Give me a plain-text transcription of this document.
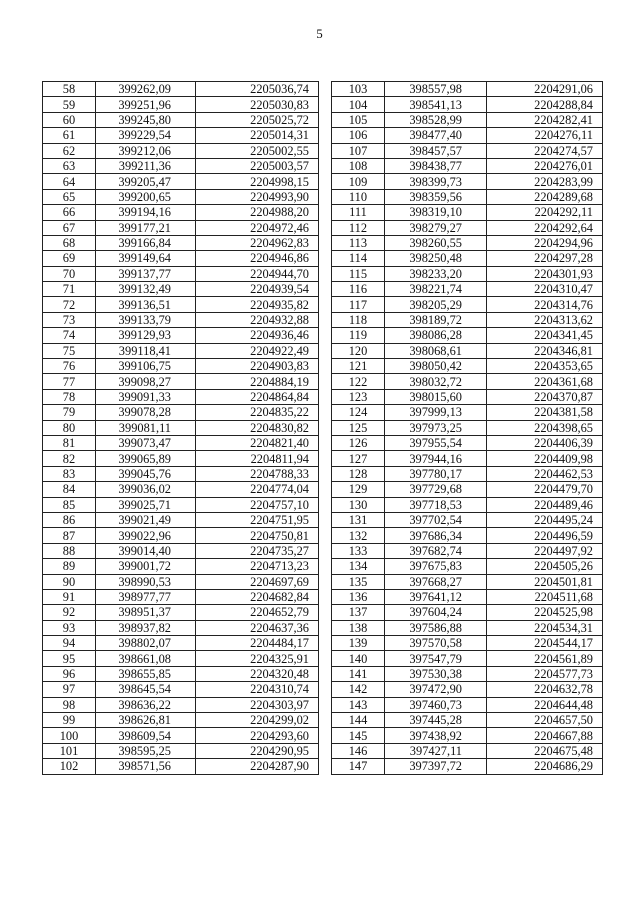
5
58	399262,09	2205036,74
59	399251,96	2205030,83
60	399245,80	2205025,72
61	399229,54	2205014,31
62	399212,06	2205002,55
63	399211,36	2205003,57
64	399205,47	2204998,15
65	399200,65	2204993,90
66	399194,16	2204988,20
67	399177,21	2204972,46
68	399166,84	2204962,83
69	399149,64	2204946,86
70	399137,77	2204944,70
71	399132,49	2204939,54
72	399136,51	2204935,82
73	399133,79	2204932,88
74	399129,93	2204936,46
75	399118,41	2204922,49
76	399106,75	2204903,83
77	399098,27	2204884,19
78	399091,33	2204864,84
79	399078,28	2204835,22
80	399081,11	2204830,82
81	399073,47	2204821,40
82	399065,89	2204811,94
83	399045,76	2204788,33
84	399036,02	2204774,04
85	399025,71	2204757,10
86	399021,49	2204751,95
87	399022,96	2204750,81
88	399014,40	2204735,27
89	399001,72	2204713,23
90	398990,53	2204697,69
91	398977,77	2204682,84
92	398951,37	2204652,79
93	398937,82	2204637,36
94	398802,07	2204484,17
95	398661,08	2204325,91
96	398655,85	2204320,48
97	398645,54	2204310,74
98	398636,22	2204303,97
99	398626,81	2204299,02
100	398609,54	2204293,60
101	398595,25	2204290,95
102	398571,56	2204287,90
103	398557,98	2204291,06
104	398541,13	2204288,84
105	398528,99	2204282,41
106	398477,40	2204276,11
107	398457,57	2204274,57
108	398438,77	2204276,01
109	398399,73	2204283,99
110	398359,56	2204289,68
111	398319,10	2204292,11
112	398279,27	2204292,64
113	398260,55	2204294,96
114	398250,48	2204297,28
115	398233,20	2204301,93
116	398221,74	2204310,47
117	398205,29	2204314,76
118	398189,72	2204313,62
119	398086,28	2204341,45
120	398068,61	2204346,81
121	398050,42	2204353,65
122	398032,72	2204361,68
123	398015,60	2204370,87
124	397999,13	2204381,58
125	397973,25	2204398,65
126	397955,54	2204406,39
127	397944,16	2204409,98
128	397780,17	2204462,53
129	397729,68	2204479,70
130	397718,53	2204489,46
131	397702,54	2204495,24
132	397686,34	2204496,59
133	397682,74	2204497,92
134	397675,83	2204505,26
135	397668,27	2204501,81
136	397641,12	2204511,68
137	397604,24	2204525,98
138	397586,88	2204534,31
139	397570,58	2204544,17
140	397547,79	2204561,89
141	397530,38	2204577,73
142	397472,90	2204632,78
143	397460,73	2204644,48
144	397445,28	2204657,50
145	397438,92	2204667,88
146	397427,11	2204675,48
147	397397,72	2204686,29
